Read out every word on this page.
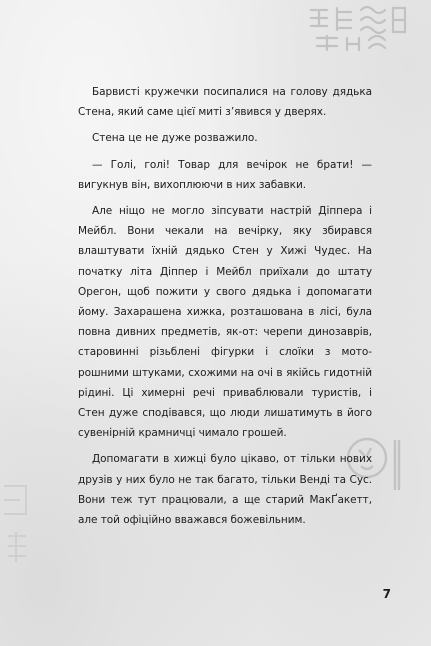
Барвисті кружечки посипалися на голову дядька Стена, який саме цієї миті з’явився у дверях.

Стена це не дуже розважило.

— Голі, голі! Товар для вечірок не брати! — вигукнув він, вихоплюючи в них забавки.

Але ніщо не могло зіпсувати настрій Діппера і Мейбл. Вони чекали на вечірку, яку збирався влаштувати їхній дядько Стен у Хижі Чудес. На початку літа Діппер і Мейбл приїхали до штату Орегон, щоб пожити у свого дядька і допомагати йому. Захарашена хижка, розташована в лісі, була повна дивних предметів, як-от: черепи динозаврів, старовинні різьблені фігурки і слоїки з моторошними штуками, схожими на очі в якійсь гидотній рідині. Ці химерні речі приваблювали туристів, і Стен дуже сподівався, що люди лишатимуть в його сувенірній крамничці чимало грошей.

Допомагати в хижці було цікаво, от тільки нових друзів у них було не так багато, тільки Венді та Сус. Вони теж тут працювали, а ще старий МакҐакетт, але той офіційно вважався божевільним.

7
